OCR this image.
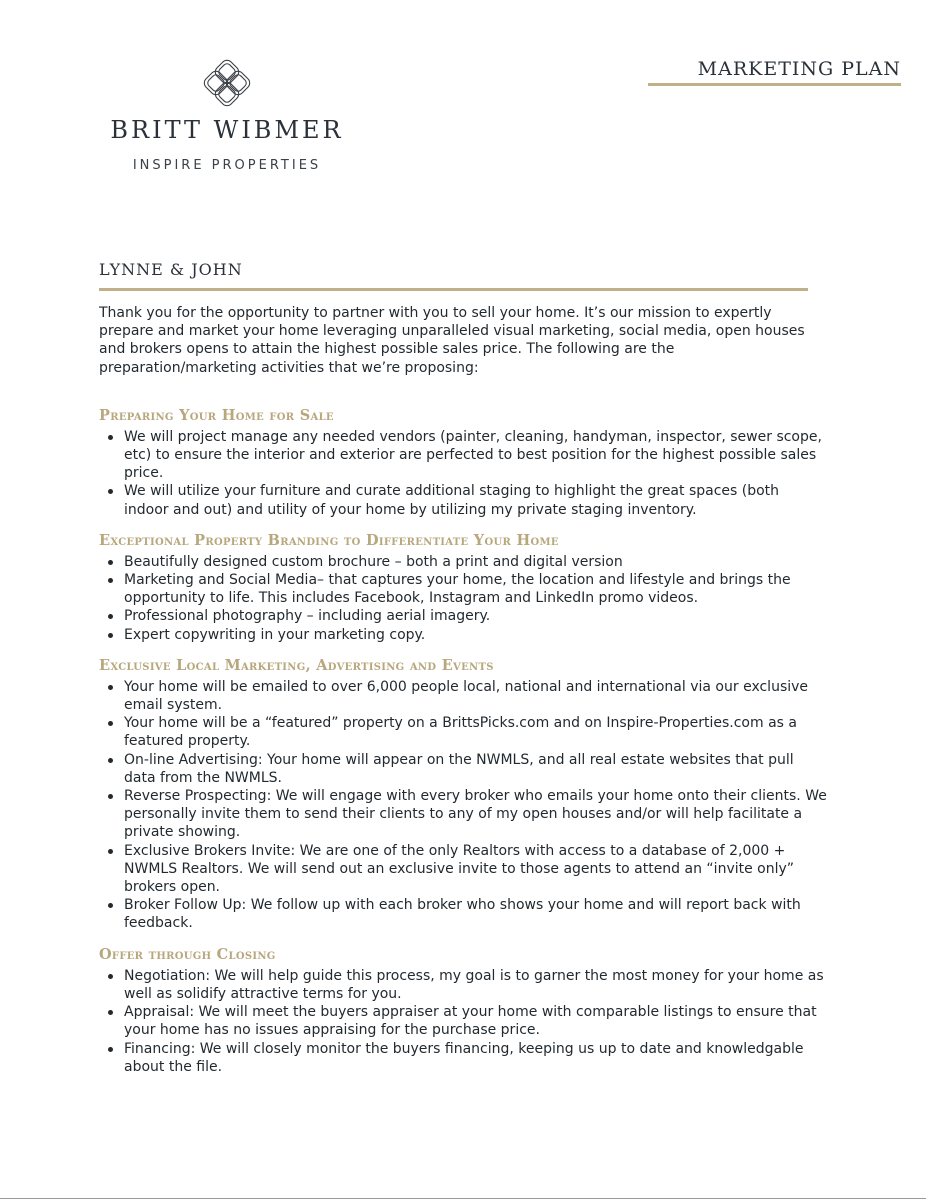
BRITT WIBMER
INSPIRE PROPERTIES
MARKETING PLAN
LYNNE & JOHN

Thank you for the opportunity to partner with you to sell your home. It’s our mission to expertly prepare and market your home leveraging unparalleled visual marketing, social media, open houses and brokers opens to attain the highest possible sales price. The following are the preparation/marketing activities that we’re proposing:

Preparing Your Home for Sale
We will project manage any needed vendors (painter, cleaning, handyman, inspector, sewer scope, etc) to ensure the interior and exterior are perfected to best position for the highest possible sales price.
We will utilize your furniture and curate additional staging to highlight the great spaces (both indoor and out) and utility of your home by utilizing my private staging inventory.
Exceptional Property Branding to Differentiate Your Home
Beautifully designed custom brochure – both a print and digital version
Marketing and Social Media– that captures your home, the location and lifestyle and brings the opportunity to life. This includes Facebook, Instagram and LinkedIn promo videos.
Professional photography – including aerial imagery.
Expert copywriting in your marketing copy.
Exclusive Local Marketing, Advertising and Events
Your home will be emailed to over 6,000 people local, national and international via our exclusive email system.
Your home will be a “featured” property on a BrittsPicks.com and on Inspire-Properties.com as a featured property.
On-line Advertising: Your home will appear on the NWMLS, and all real estate websites that pull data from the NWMLS.
Reverse Prospecting: We will engage with every broker who emails your home onto their clients. We personally invite them to send their clients to any of my open houses and/or will help facilitate a private showing.
Exclusive Brokers Invite: We are one of the only Realtors with access to a database of 2,000 + NWMLS Realtors. We will send out an exclusive invite to those agents to attend an “invite only” brokers open.
Broker Follow Up: We follow up with each broker who shows your home and will report back with feedback.
Offer through Closing
Negotiation: We will help guide this process, my goal is to garner the most money for your home as well as solidify attractive terms for you.
Appraisal: We will meet the buyers appraiser at your home with comparable listings to ensure that your home has no issues appraising for the purchase price.
Financing: We will closely monitor the buyers financing, keeping us up to date and knowledgable about the file.
